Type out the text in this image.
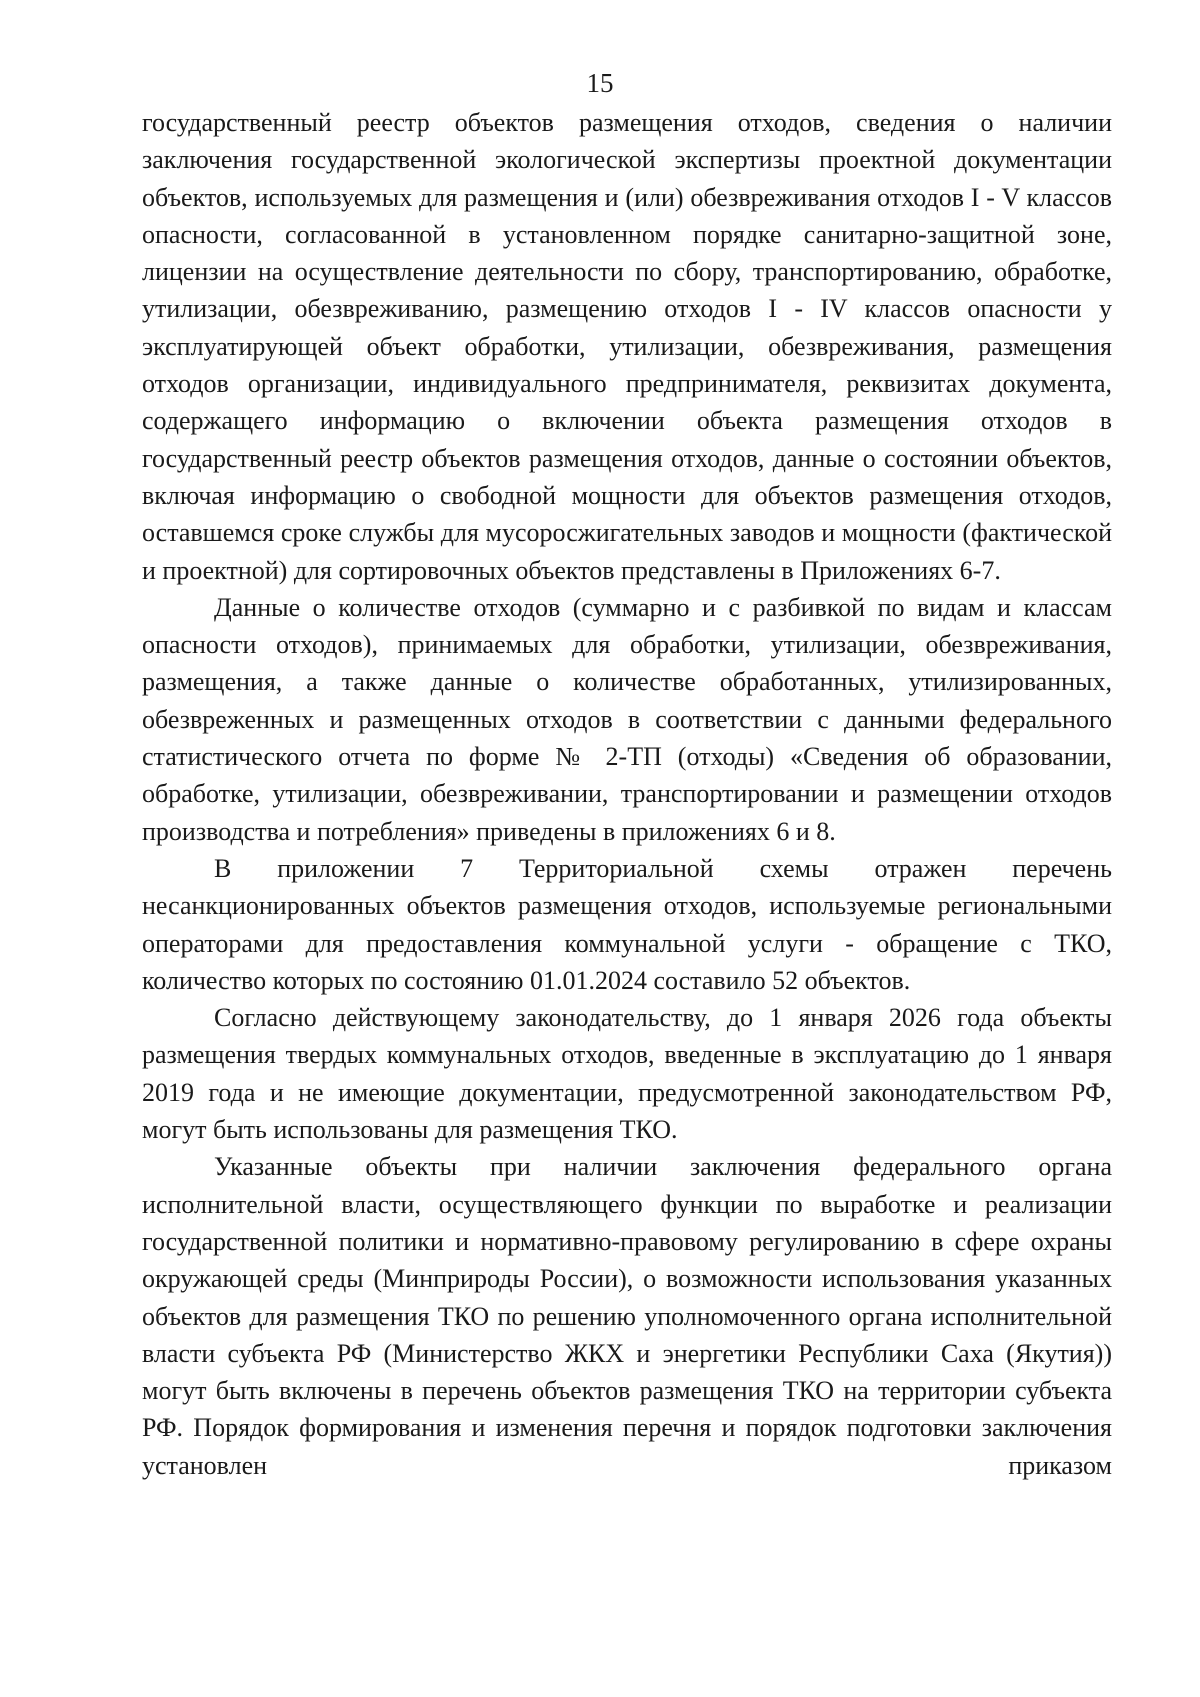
15

государственный реестр объектов размещения отходов, сведения о наличии заключения государственной экологической экспертизы проектной документации объектов, используемых для размещения и (или) обезвреживания отходов I - V классов опасности, согласованной в установленном порядке санитарно-защитной зоне, лицензии на осуществление деятельности по сбору, транспортированию, обработке, утилизации, обезвреживанию, размещению отходов I - IV классов опасности у эксплуатирующей объект обработки, утилизации, обезвреживания, размещения отходов организации, индивидуального предпринимателя, реквизитах документа, содержащего информацию о включении объекта размещения отходов в государственный реестр объектов размещения отходов, данные о состоянии объектов, включая информацию о свободной мощности для объектов размещения отходов, оставшемся сроке службы для мусоросжигательных заводов и мощности (фактической и проектной) для сортировочных объектов представлены в Приложениях 6-7.

Данные о количестве отходов (суммарно и с разбивкой по видам и классам опасности отходов), принимаемых для обработки, утилизации, обезвреживания, размещения, а также данные о количестве обработанных, утилизированных, обезвреженных и размещенных отходов в соответствии с данными федерального статистического отчета по форме № 2-ТП (отходы) «Сведения об образовании, обработке, утилизации, обезвреживании, транспортировании и размещении отходов производства и потребления» приведены в приложениях 6 и 8.

В приложении 7 Территориальной схемы отражен перечень несанкционированных объектов размещения отходов, используемые региональными операторами для предоставления коммунальной услуги - обращение с ТКО, количество которых по состоянию 01.01.2024 составило 52 объектов.

Согласно действующему законодательству, до 1 января 2026 года объекты размещения твердых коммунальных отходов, введенные в эксплуатацию до 1 января 2019 года и не имеющие документации, предусмотренной законодательством РФ, могут быть использованы для размещения ТКО.

Указанные объекты при наличии заключения федерального органа исполнительной власти, осуществляющего функции по выработке и реализации государственной политики и нормативно-правовому регулированию в сфере охраны окружающей среды (Минприроды России), о возможности использования указанных объектов для размещения ТКО по решению уполномоченного органа исполнительной власти субъекта РФ (Министерство ЖКХ и энергетики Республики Саха (Якутия)) могут быть включены в перечень объектов размещения ТКО на территории субъекта РФ. Порядок формирования и изменения перечня и порядок подготовки заключения установлен приказом
